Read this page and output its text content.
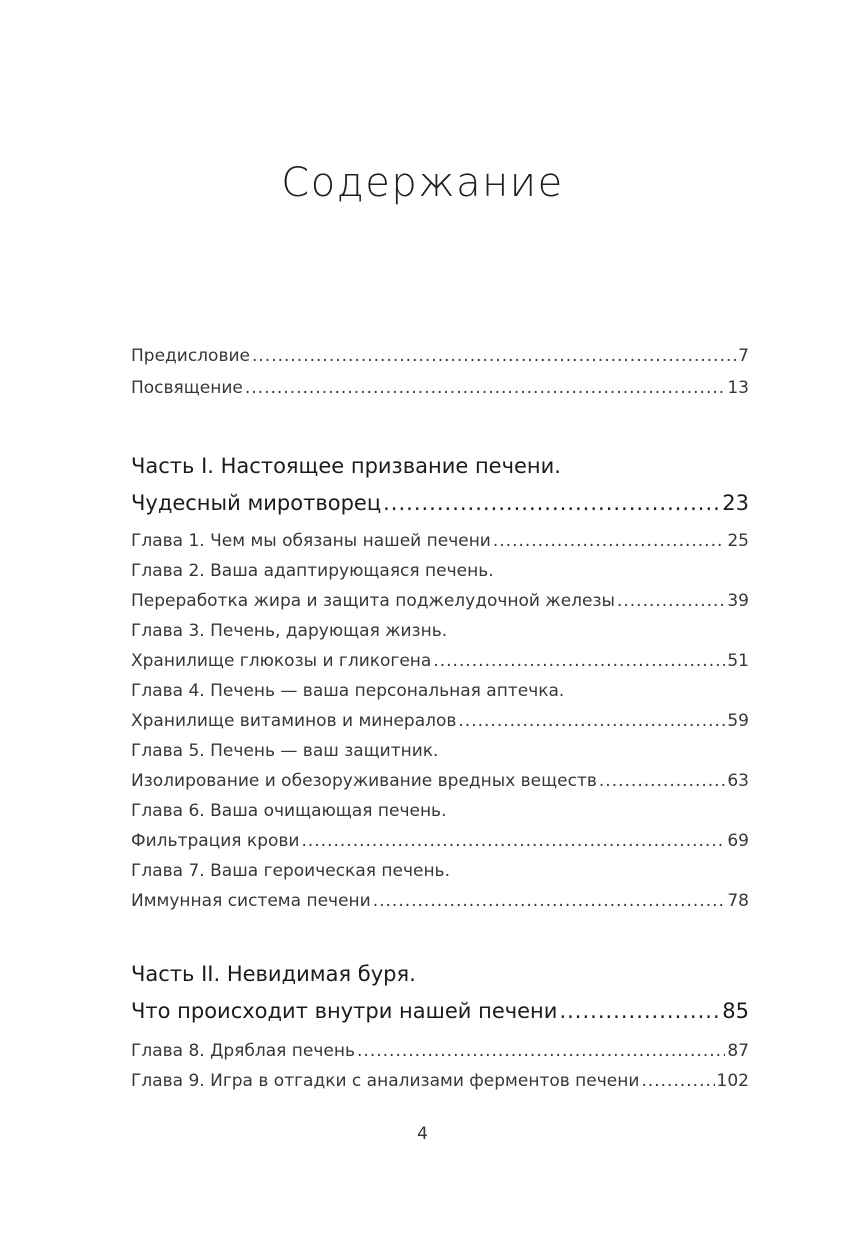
Содержание
Предисловие .....	7
Посвящение .....	13
Часть I. Настоящее призвание печени.
Чудесный миротворец .....	23
Глава 1. Чем мы обязаны нашей печени .....	25
Глава 2. Ваша адаптирующаяся печень.
Переработка жира и защита поджелудочной железы .....	39
Глава 3. Печень, дарующая жизнь.
Хранилище глюкозы и гликогена .....	51
Глава 4. Печень — ваша персональная аптечка.
Хранилище витаминов и минералов .....	59
Глава 5. Печень — ваш защитник.
Изолирование и обезоруживание вредных веществ .....	63
Глава 6. Ваша очищающая печень.
Фильтрация крови .....	69
Глава 7. Ваша героическая печень.
Иммунная система печени .....	78
Часть II. Невидимая буря.
Что происходит внутри нашей печени .....	85
Глава 8. Дряблая печень .....	87
Глава 9. Игра в отгадки с анализами ферментов печени .....	102
4
